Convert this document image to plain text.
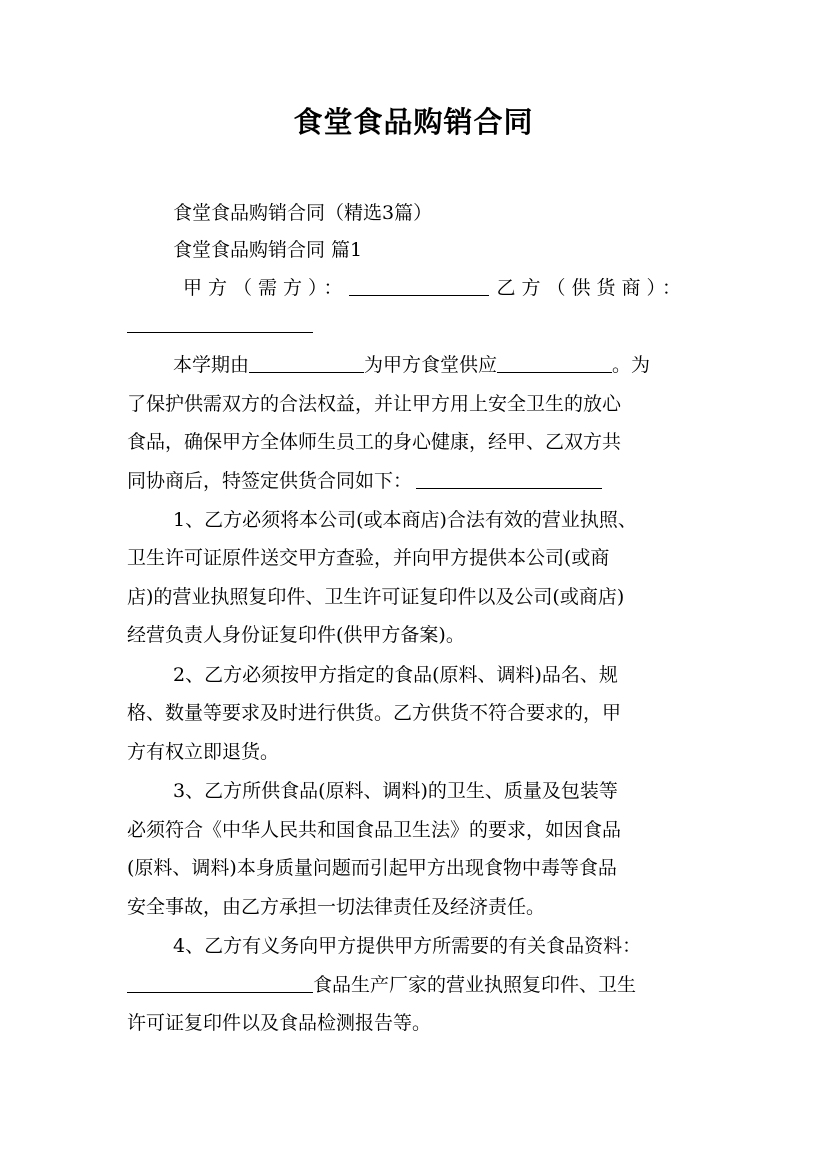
食堂食品购销合同
食堂食品购销合同（精选3篇）
食堂食品购销合同 篇1
甲方（需方）：	乙方（供货商）：
本学期由	为甲方食堂供应	。为
了保护供需双方的合法权益，并让甲方用上安全卫生的放心
食品，确保甲方全体师生员工的身心健康，经甲、乙双方共
同协商后，特签定供货合同如下：
1、乙方必须将本公司(或本商店)合法有效的营业执照、
卫生许可证原件送交甲方查验，并向甲方提供本公司(或商
店)的营业执照复印件、卫生许可证复印件以及公司(或商店)
经营负责人身份证复印件(供甲方备案)。
2、乙方必须按甲方指定的食品(原料、调料)品名、规
格、数量等要求及时进行供货。乙方供货不符合要求的，甲
方有权立即退货。
3、乙方所供食品(原料、调料)的卫生、质量及包装等
必须符合《中华人民共和国食品卫生法》的要求，如因食品
(原料、调料)本身质量问题而引起甲方出现食物中毒等食品
安全事故，由乙方承担一切法律责任及经济责任。
4、乙方有义务向甲方提供甲方所需要的有关食品资料：
食品生产厂家的营业执照复印件、卫生
许可证复印件以及食品检测报告等。
